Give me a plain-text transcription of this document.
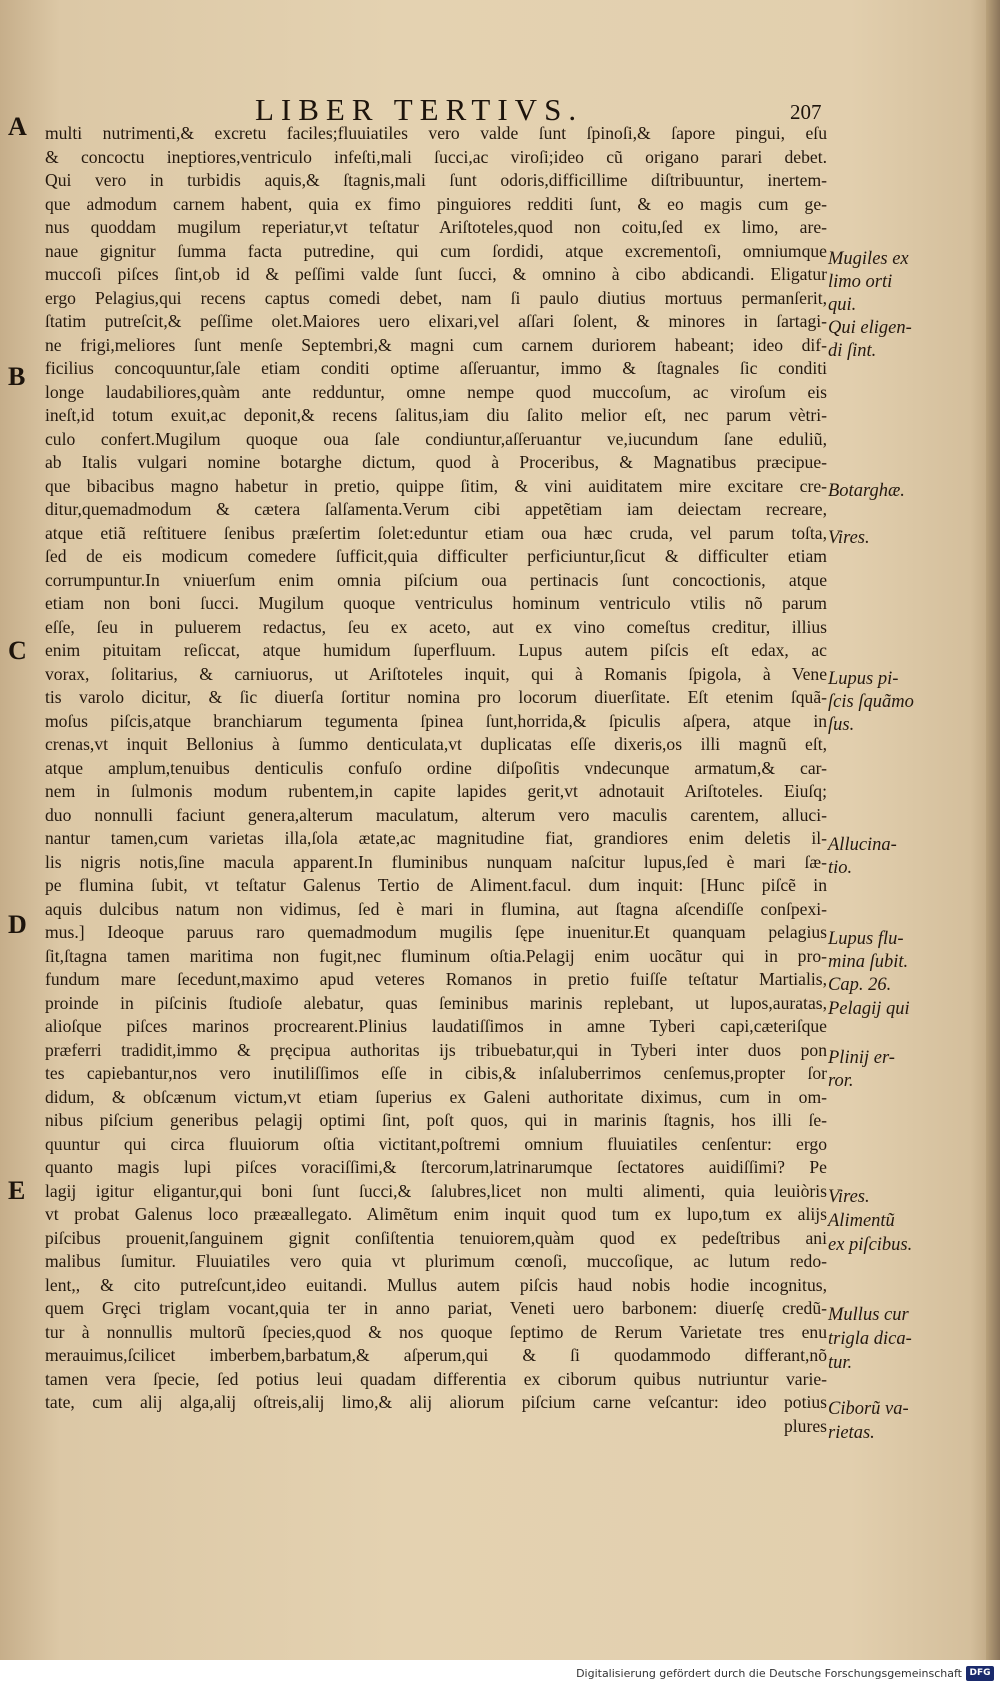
LIBER TERTIVS.	207
A
B
C
D
E
multi nutrimenti,& excretu faciles;fluuiatiles vero valde ſunt ſpinoſi,& ſapore pingui, eſu
& concoctu ineptiores,ventriculo infeſti,mali ſucci,ac viroſi;ideo cũ origano parari debet.
Qui vero in turbidis aquis,& ſtagnis,mali ſunt odoris,difficillime diſtribuuntur, inertem-
que admodum carnem habent, quia ex fimo pinguiores redditi ſunt, & eo magis cum ge-
nus quoddam mugilum reperiatur,vt teſtatur Ariſtoteles,quod non coitu,ſed ex limo, are-
naue gignitur ſumma facta putredine, qui cum ſordidi, atque excrementoſi, omniumque
muccoſi piſces ſint,ob id & peſſimi valde ſunt ſucci, & omnino à cibo abdicandi. Eligatur
ergo Pelagius,qui recens captus comedi debet, nam ſi paulo diutius mortuus permanſerit,
ſtatim putreſcit,& peſſime olet.Maiores uero elixari,vel aſſari ſolent, & minores in ſartagi-
ne frigi,meliores ſunt menſe Septembri,& magni cum carnem duriorem habeant; ideo dif-
ficilius concoquuntur,ſale etiam conditi optime aſſeruantur, immo & ſtagnales ſic conditi
longe laudabiliores,quàm ante redduntur, omne nempe quod muccoſum, ac viroſum eis
ineſt,id totum exuit,ac deponit,& recens ſalitus,iam diu ſalito melior eſt, nec parum vètri-
culo confert.Mugilum quoque oua ſale condiuntur,aſſeruantur ve,iucundum ſane eduliũ,
ab Italis vulgari nomine botarghe dictum, quod à Proceribus, & Magnatibus præcipue-
que bibacibus magno habetur in pretio, quippe ſitim, & vini auiditatem mire excitare cre-
ditur,quemadmodum & cætera ſalſamenta.Verum cibi appetẽtiam iam deiectam recreare,
atque etiã reſtituere ſenibus præſertim ſolet:eduntur etiam oua hæc cruda, vel parum toſta,
ſed de eis modicum comedere ſufficit,quia difficulter perficiuntur,ſicut & difficulter etiam
corrumpuntur.In vniuerſum enim omnia piſcium oua pertinacis ſunt concoctionis, atque
etiam non boni ſucci. Mugilum quoque ventriculus hominum ventriculo vtilis nõ parum
eſſe, ſeu in puluerem redactus, ſeu ex aceto, aut ex vino comeſtus creditur, illius
enim pituitam reſiccat, atque humidum ſuperfluum. Lupus autem piſcis eſt edax, ac
vorax, ſolitarius, & carniuorus, ut Ariſtoteles inquit, qui à Romanis ſpigola, à Vene
tis varolo dicitur, & ſic diuerſa ſortitur nomina pro locorum diuerſitate. Eſt etenim ſquã-
moſus piſcis,atque branchiarum tegumenta ſpinea ſunt,horrida,& ſpiculis aſpera, atque in
crenas,vt inquit Bellonius à ſummo denticulata,vt duplicatas eſſe dixeris,os illi magnũ eſt,
atque amplum,tenuibus denticulis confuſo ordine diſpoſitis vndecunque armatum,& car-
nem in ſulmonis modum rubentem,in capite lapides gerit,vt adnotauit Ariſtoteles. Eiuſq;
duo nonnulli faciunt genera,alterum maculatum, alterum vero maculis carentem, alluci-
nantur tamen,cum varietas illa,ſola ætate,ac magnitudine fiat, grandiores enim deletis il-
lis nigris notis,ſine macula apparent.In fluminibus nunquam naſcitur lupus,ſed è mari ſæ-
pe flumina ſubit, vt teſtatur Galenus Tertio de Aliment.facul. dum inquit: [Hunc piſcẽ in
aquis dulcibus natum non vidimus, ſed è mari in flumina, aut ſtagna aſcendiſſe conſpexi-
mus.] Ideoque paruus raro quemadmodum mugilis ſępe inuenitur.Et quanquam pelagius
ſit,ſtagna tamen maritima non fugit,nec fluminum oſtia.Pelagij enim uocãtur qui in pro-
fundum mare ſecedunt,maximo apud veteres Romanos in pretio fuiſſe teſtatur Martialis,
proinde in piſcinis ſtudioſe alebatur, quas ſeminibus marinis replebant, ut lupos,auratas,
alioſque piſces marinos procrearent.Plinius laudatiſſimos in amne Tyberi capi,cæteriſque
præferri tradidit,immo & pręcipua authoritas ijs tribuebatur,qui in Tyberi inter duos pon
tes capiebantur,nos vero inutiliſſimos eſſe in cibis,& inſaluberrimos cenſemus,propter ſor
didum, & obſcænum victum,vt etiam ſuperius ex Galeni authoritate diximus, cum in om-
nibus piſcium generibus pelagij optimi ſint, poſt quos, qui in marinis ſtagnis, hos illi ſe-
quuntur qui circa fluuiorum oſtia victitant,poſtremi omnium fluuiatiles cenſentur: ergo
quanto magis lupi piſces voraciſſimi,& ſtercorum,latrinarumque ſectatores auidiſſimi? Pe
lagij igitur eligantur,qui boni ſunt ſucci,& ſalubres,licet non multi alimenti, quia leuiòris
vt probat Galenus loco prææallegato. Alimẽtum enim inquit quod tum ex lupo,tum ex alijs
piſcibus prouenit,ſanguinem gignit conſiſtentia tenuiorem,quàm quod ex pedeſtribus ani
malibus ſumitur. Fluuiatiles vero quia vt plurimum cœnoſi, muccoſique, ac lutum redo-
lent,, & cito putreſcunt,ideo euitandi. Mullus autem piſcis haud nobis hodie incognitus,
quem Grȩci triglam vocant,quia ter in anno pariat, Veneti uero barbonem: diuerſę credũ-
tur à nonnullis multorũ ſpecies,quod & nos quoque ſeptimo de Rerum Varietate tres enu
merauimus,ſcilicet imberbem,barbatum,& aſperum,qui & ſi quodammodo differant,nõ
tamen vera ſpecie, ſed potius leui quadam differentia ex ciborum quibus nutriuntur varie-
tate, cum alij alga,alij oſtreis,alij limo,& alij aliorum piſcium carne veſcantur: ideo potius
plures
Mugiles ex
limo orti
qui.
Qui eligen-
di ſint.
Botarghæ.
Vires.
Lupus pi-
ſcis ſquãmo
ſus.
Allucina-
tio.
Lupus flu-
mina ſubit.
Cap. 26.
Pelagij qui
Plinij er-
ror.
Vires.
Alimentũ
ex piſcibus.
Mullus cur
trigla dica-
tur.
Ciborũ va-
rietas.
Digitalisierung gefördert durch die Deutsche Forschungsgemeinschaft DFG
